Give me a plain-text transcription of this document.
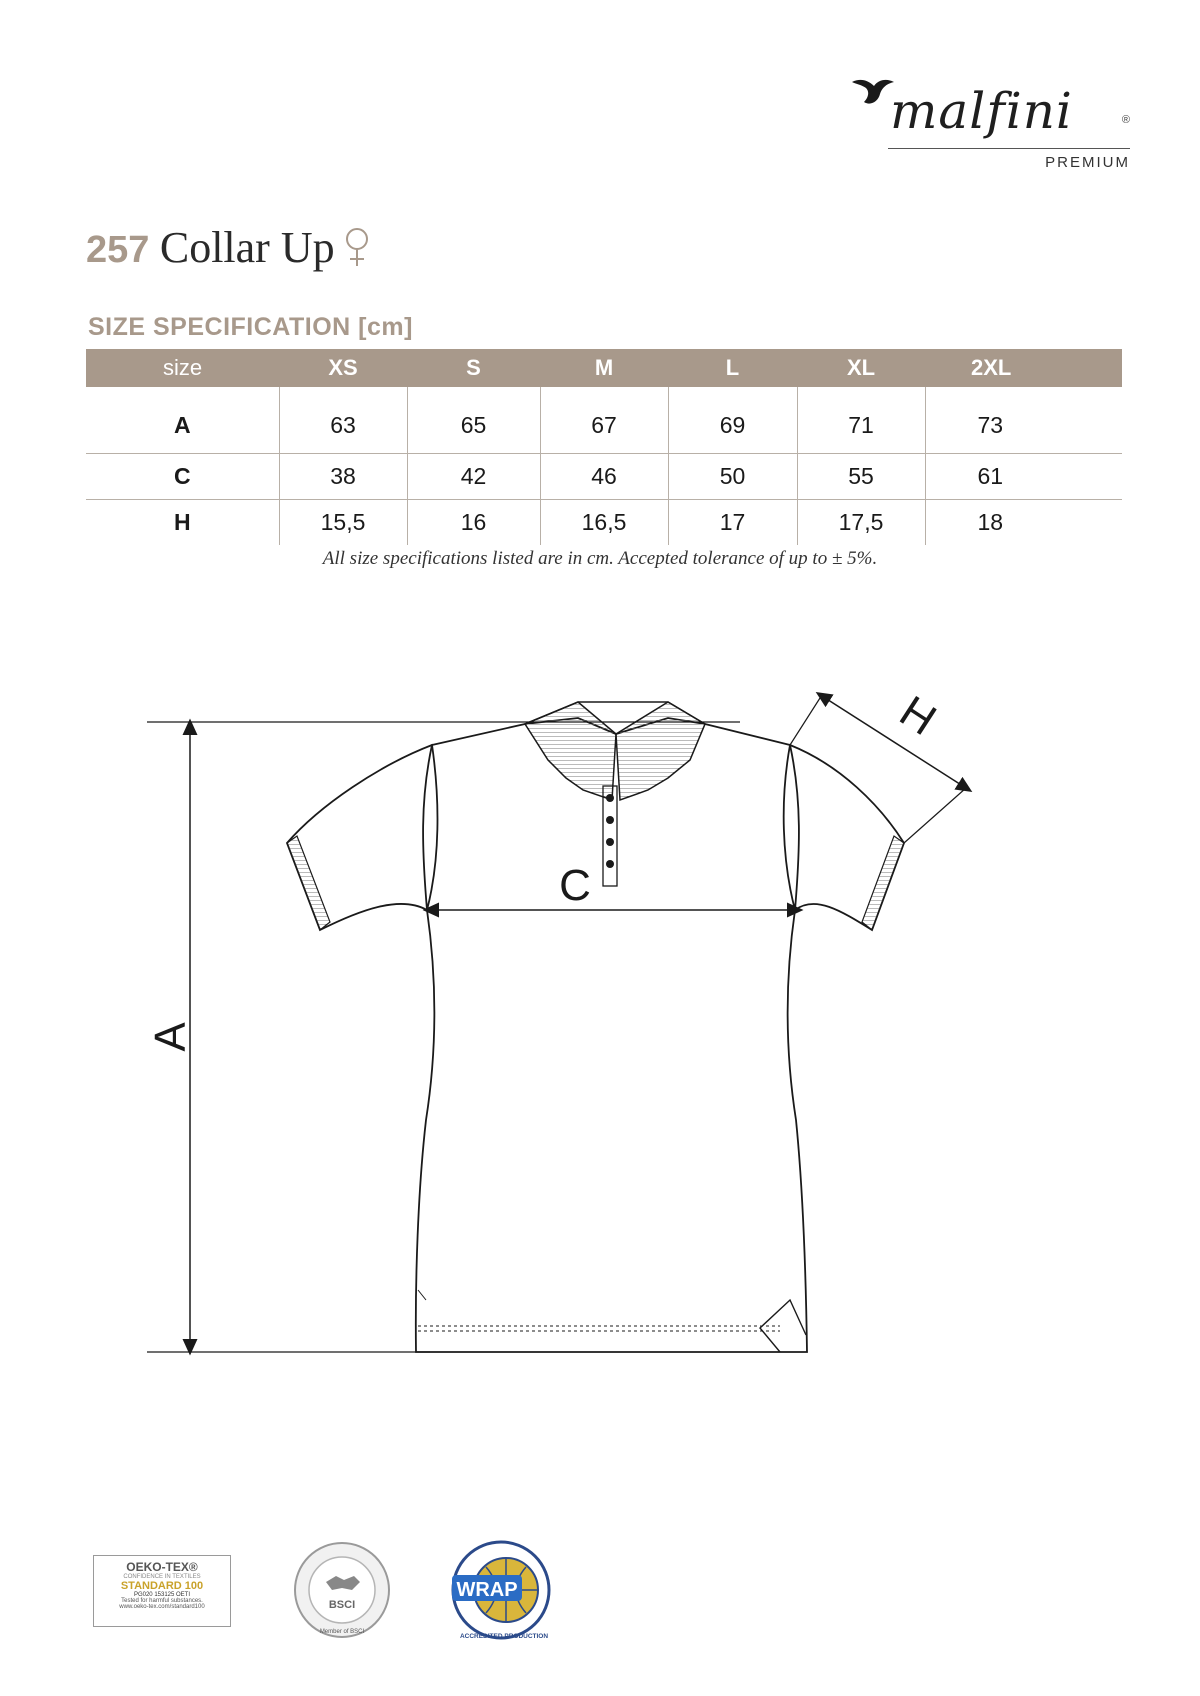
malfini	®
PREMIUM
257 Collar Up
SIZE SPECIFICATION [cm]
size	XS	S	M	L	XL	2XL
A	63	65	67	69	71	73
C	38	42	46	50	55	61
H	15,5	16	16,5	17	17,5	18
All size specifications listed are in cm. Accepted tolerance of up to ± 5%.
A
C
H
OEKO-TEX®
CONFIDENCE IN TEXTILES
STANDARD 100
PG020 153125 OETI
Tested for harmful substances.
www.oeko-tex.com/standard100	BSCI
Member of BSCI
WRAP
ACCREDITED PRODUCTION
